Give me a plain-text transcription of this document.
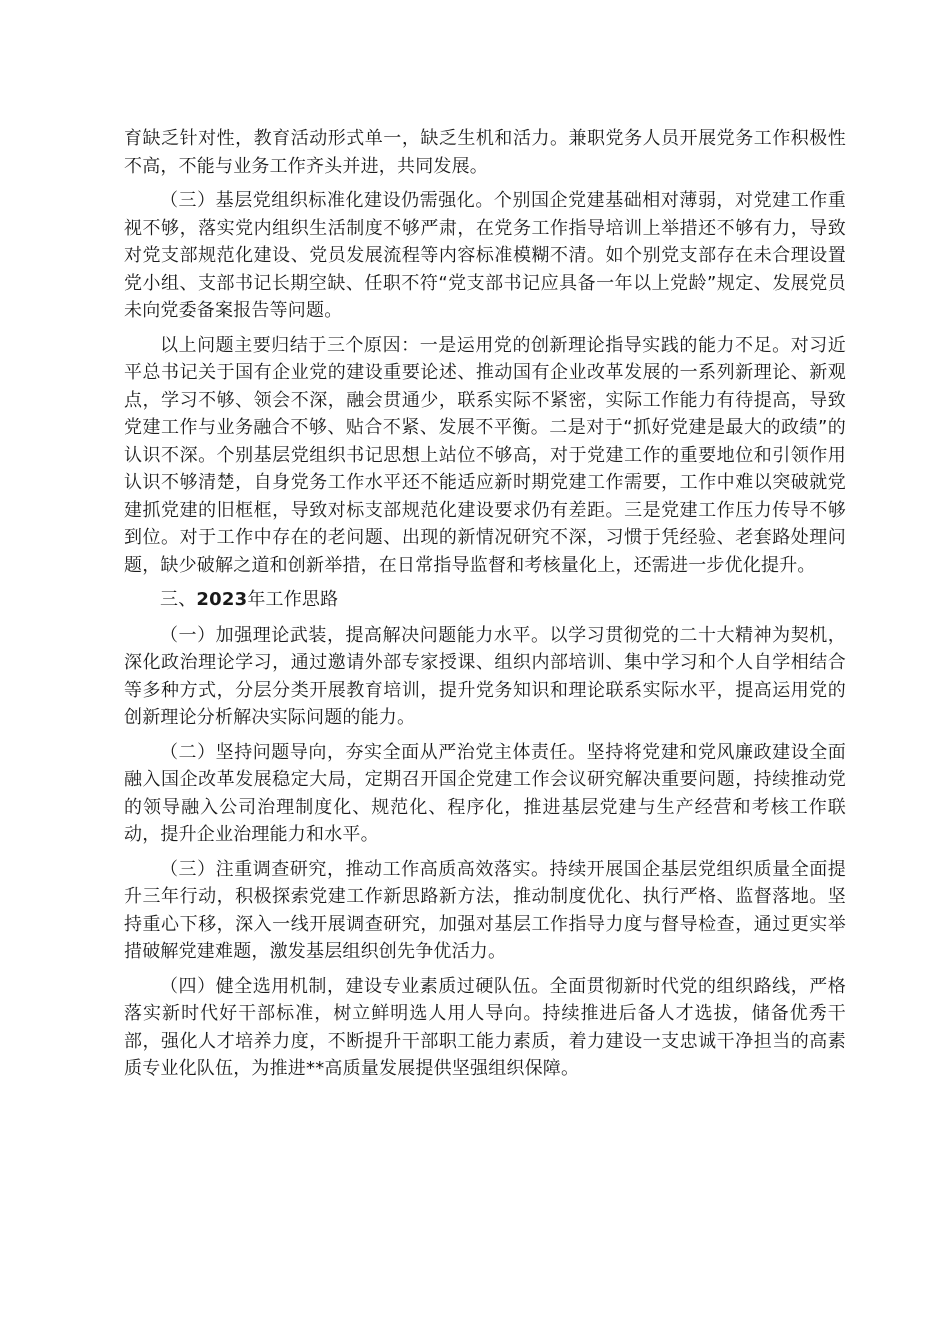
育缺乏针对性，教育活动形式单一，缺乏生机和活力。兼职党务人员开展党务工作积极性不高，不能与业务工作齐头并进，共同发展。

（三）基层党组织标准化建设仍需强化。个别国企党建基础相对薄弱，对党建工作重视不够，落实党内组织生活制度不够严肃，在党务工作指导培训上举措还不够有力，导致对党支部规范化建设、党员发展流程等内容标准模糊不清。如个别党支部存在未合理设置党小组、支部书记长期空缺、任职不符“党支部书记应具备一年以上党龄”规定、发展党员未向党委备案报告等问题。

以上问题主要归结于三个原因：一是运用党的创新理论指导实践的能力不足。对习近平总书记关于国有企业党的建设重要论述、推动国有企业改革发展的一系列新理论、新观点，学习不够、领会不深，融会贯通少，联系实际不紧密，实际工作能力有待提高，导致党建工作与业务融合不够、贴合不紧、发展不平衡。二是对于“抓好党建是最大的政绩”的认识不深。个别基层党组织书记思想上站位不够高，对于党建工作的重要地位和引领作用认识不够清楚，自身党务工作水平还不能适应新时期党建工作需要，工作中难以突破就党建抓党建的旧框框，导致对标支部规范化建设要求仍有差距。三是党建工作压力传导不够到位。对于工作中存在的老问题、出现的新情况研究不深，习惯于凭经验、老套路处理问题，缺少破解之道和创新举措，在日常指导监督和考核量化上，还需进一步优化提升。

三、2023年工作思路

（一）加强理论武装，提高解决问题能力水平。以学习贯彻党的二十大精神为契机，深化政治理论学习，通过邀请外部专家授课、组织内部培训、集中学习和个人自学相结合等多种方式，分层分类开展教育培训，提升党务知识和理论联系实际水平，提高运用党的创新理论分析解决实际问题的能力。

（二）坚持问题导向，夯实全面从严治党主体责任。坚持将党建和党风廉政建设全面融入国企改革发展稳定大局，定期召开国企党建工作会议研究解决重要问题，持续推动党的领导融入公司治理制度化、规范化、程序化，推进基层党建与生产经营和考核工作联动，提升企业治理能力和水平。

（三）注重调查研究，推动工作高质高效落实。持续开展国企基层党组织质量全面提升三年行动，积极探索党建工作新思路新方法，推动制度优化、执行严格、监督落地。坚持重心下移，深入一线开展调查研究，加强对基层工作指导力度与督导检查，通过更实举措破解党建难题，激发基层组织创先争优活力。

（四）健全选用机制，建设专业素质过硬队伍。全面贯彻新时代党的组织路线，严格落实新时代好干部标准，树立鲜明选人用人导向。持续推进后备人才选拔，储备优秀干部，强化人才培养力度，不断提升干部职工能力素质，着力建设一支忠诚干净担当的高素质专业化队伍，为推进**高质量发展提供坚强组织保障。
